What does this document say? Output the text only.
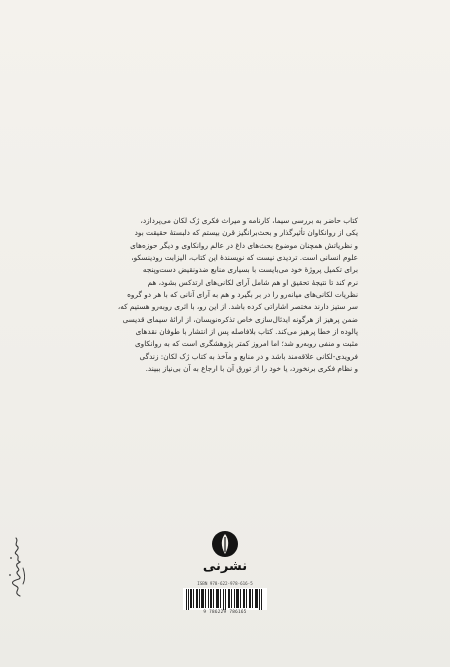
کتاب حاضر به بررسی سیما، کارنامه و میراث فکری ژک لکان می‌پردازد،

یکی از روانکاوان تأثیرگذار و بحث‌برانگیز قرن بیستم که دلبستهٔ حقیقت بود

و نظریاتش همچنان موضوع بحث‌های داغ در عالم روانکاوی و دیگر حوزه‌های

علوم انسانی است. تردیدی نیست که نویسندهٔ این کتاب، الیزابت رودینسکو،

برای تکمیل پروژهٔ خود می‌بایست با بسیاری منابع ضدونقیض دست‌وپنجه

نرم کند تا نتیجهٔ تحقیق او هم شامل آرای لکانی‌های ارتدکس بشود، هم

نظریات لکانی‌های میانه‌رو را در بر بگیرد و هم به آرای آنانی که با هر دو گروه

سر ستیز دارند مختصر اشاراتی کرده باشد. از این رو، با اثری روبه‌رو هستیم که،

ضمن پرهیز از هرگونه ایدئال‌سازی خاص تذکره‌نویسان، از ارائهٔ سیمای قدیسی

پالوده از خطا پرهیز می‌کند. کتاب بلافاصله پس از انتشار با طوفان نقدهای

مثبت و منفی روبه‌رو شد؛ اما امروز کمتر پژوهشگری است که به روانکاوی

فرویدی-لکانی علاقه‌مند باشد و در منابع و مآخذ به کتاب ژک لکان: زندگی

و نظام فکری برنخورد، یا خود را از تورق آن با ارجاع به آن بی‌نیاز ببیند.

نشرنی
ISBN 978-622-978-616-5
9 786229 786165
